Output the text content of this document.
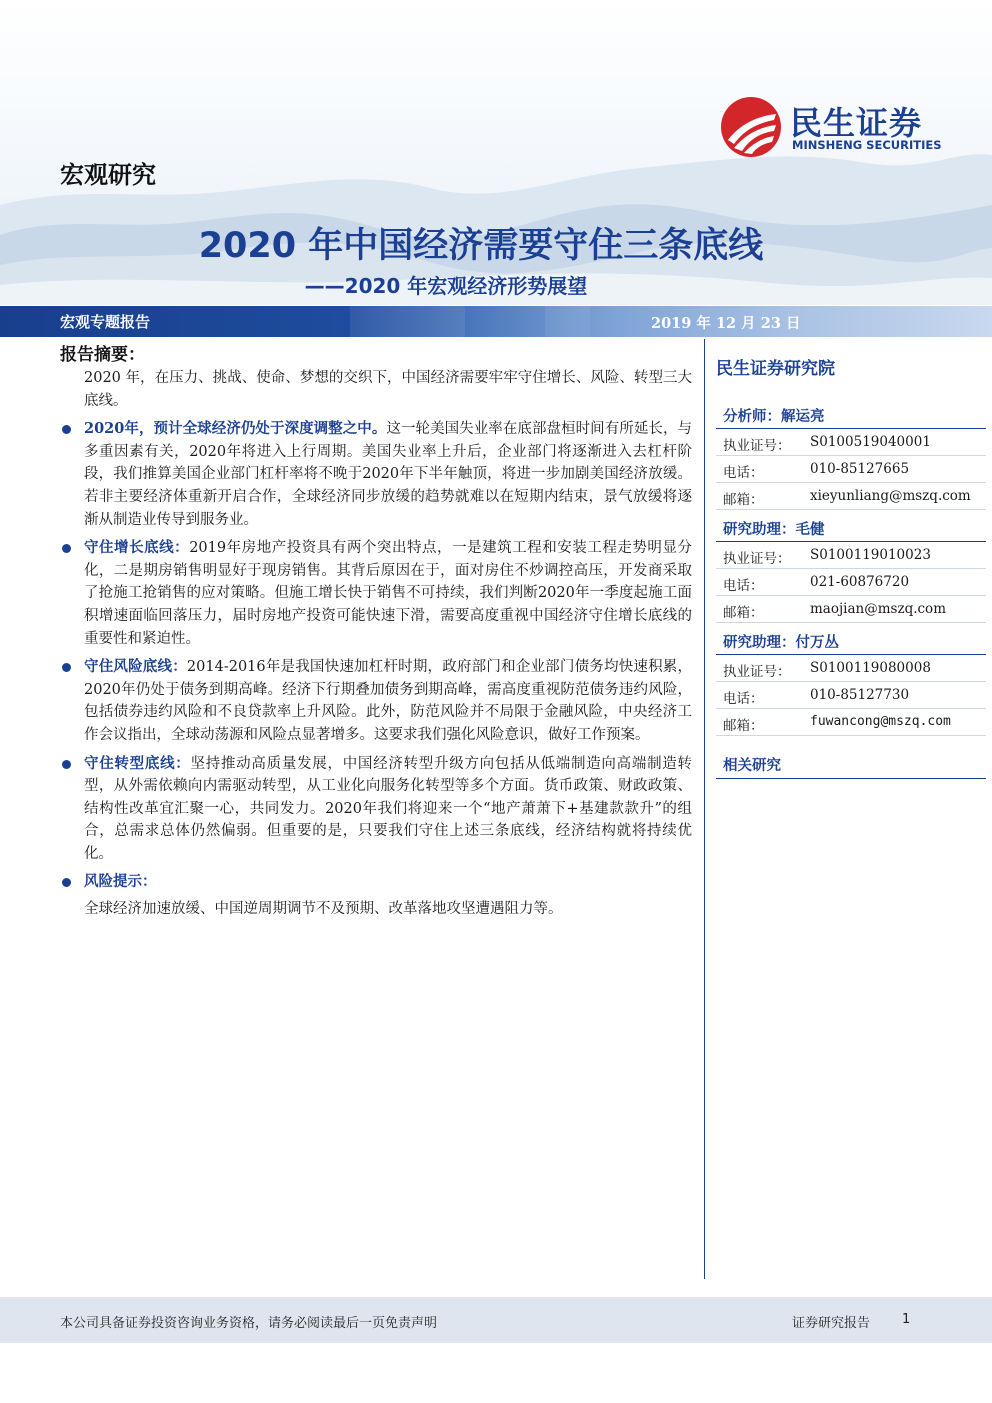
民生证券
MINSHENG SECURITIES
宏观研究
2020 年中国经济需要守住三条底线
——2020 年宏观经济形势展望
宏观专题报告	2019 年 12 月 23 日
报告摘要：

2020 年，在压力、挑战、使命、梦想的交织下，中国经济需要牢牢守住增长、风险、转型三大底线。

2020年，预计全球经济仍处于深度调整之中。这一轮美国失业率在底部盘桓时间有所延长，与多重因素有关，2020年将进入上行周期。美国失业率上升后，企业部门将逐渐进入去杠杆阶段，我们推算美国企业部门杠杆率将不晚于2020年下半年触顶，将进一步加剧美国经济放缓。若非主要经济体重新开启合作，全球经济同步放缓的趋势就难以在短期内结束，景气放缓将逐渐从制造业传导到服务业。

守住增长底线：2019年房地产投资具有两个突出特点，一是建筑工程和安装工程走势明显分化，二是期房销售明显好于现房销售。其背后原因在于，面对房住不炒调控高压，开发商采取了抢施工抢销售的应对策略。但施工增长快于销售不可持续，我们判断2020年一季度起施工面积增速面临回落压力，届时房地产投资可能快速下滑，需要高度重视中国经济守住增长底线的重要性和紧迫性。

守住风险底线：2014-2016年是我国快速加杠杆时期，政府部门和企业部门债务均快速积累，2020年仍处于债务到期高峰。经济下行期叠加债务到期高峰，需高度重视防范债务违约风险，包括债券违约风险和不良贷款率上升风险。此外，防范风险并不局限于金融风险，中央经济工作会议指出，全球动荡源和风险点显著增多。这要求我们强化风险意识，做好工作预案。

守住转型底线：坚持推动高质量发展，中国经济转型升级方向包括从低端制造向高端制造转型，从外需依赖向内需驱动转型，从工业化向服务化转型等多个方面。货币政策、财政政策、结构性改革宜汇聚一心，共同发力。2020年我们将迎来一个“地产萧萧下+基建款款升”的组合，总需求总体仍然偏弱。但重要的是，只要我们守住上述三条底线，经济结构就将持续优化。

风险提示：

全球经济加速放缓、中国逆周期调节不及预期、改革落地攻坚遭遇阻力等。

民生证券研究院
分析师：解运亮
执业证号： S0100519040001
电话：	010-85127665
邮箱：	xieyunliang@mszq.com
研究助理：毛健
执业证号： S0100119010023
电话：	021-60876720
邮箱：	maojian@mszq.com
研究助理：付万丛
执业证号： S0100119080008
电话：	010-85127730
邮箱：	fuwancong@mszq.com
相关研究
本公司具备证券投资咨询业务资格，请务必阅读最后一页免责声明	证券研究报告 1
